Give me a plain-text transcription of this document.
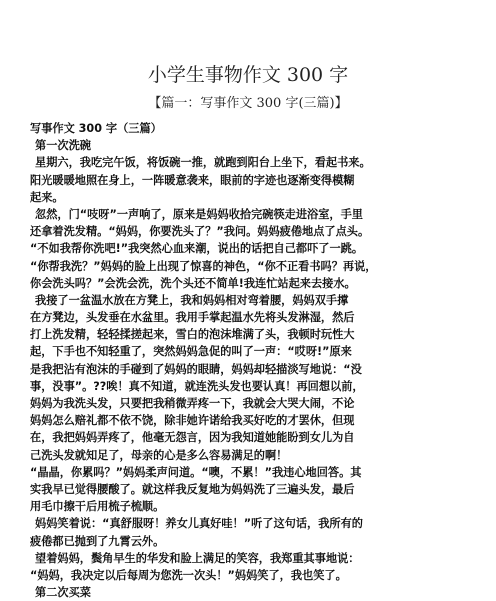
小学生事物作文 300 字
【篇一：写事作文 300 字(三篇)】
写事作文 300 字（三篇）
第一次洗碗
星期六，我吃完午饭，将饭碗一推，就跑到阳台上坐下，看起书来。
阳光暖暖地照在身上，一阵暖意袭来，眼前的字迹也逐渐变得模糊
起来。
忽然，门“吱呀”一声响了，原来是妈妈收拾完碗筷走进浴室，手里
还拿着洗发精。“妈妈，你要洗头了？”我问。妈妈疲倦地点了点头。
“不如我帮你洗吧!”我突然心血来潮，说出的话把自己都吓了一跳。
“你帮我洗？”妈妈的脸上出现了惊喜的神色，“你不正看书吗？再说，
你会洗头吗？”会洗会洗，洗个头还不简单!我连忙站起来去接水。
我接了一盆温水放在方凳上，我和妈妈相对弯着腰，妈妈双手撑
在方凳边，头发垂在水盆里。我用手掌起温水先将头发淋湿，然后
打上洗发精，轻轻揉搓起来，雪白的泡沫堆满了头，我顿时玩性大
起，下手也不知轻重了，突然妈妈急促的叫了一声：“哎呀!”原来
是我把沾有泡沫的手碰到了妈妈的眼睛，妈妈却轻描淡写地说：“没
事，没事”。??唉！真不知道，就连洗头发也要认真！再回想以前，
妈妈为我洗头发，只要把我稍微弄疼一下，我就会大哭大闹，不论
妈妈怎么赔礼都不依不饶，除非她许诺给我买好吃的才罢休，但现
在，我把妈妈弄疼了，他毫无怨言，因为我知道她能盼到女儿为自
己洗头发就知足了，母亲的心是多么容易满足的啊！
“晶晶，你累吗？”妈妈柔声问道。“噢，不累！”我违心地回答。其
实我早已觉得腰酸了。就这样我反复地为妈妈洗了三遍头发，最后
用毛巾擦干后用梳子梳顺。
妈妈笑着说：“真舒服呀！养女儿真好哇！”听了这句话，我所有的
疲倦都已抛到了九霄云外。
望着妈妈，鬓角早生的华发和脸上满足的笑容，我郑重其事地说：
“妈妈，我决定以后每周为您洗一次头！”妈妈笑了，我也笑了。
第二次买菜
